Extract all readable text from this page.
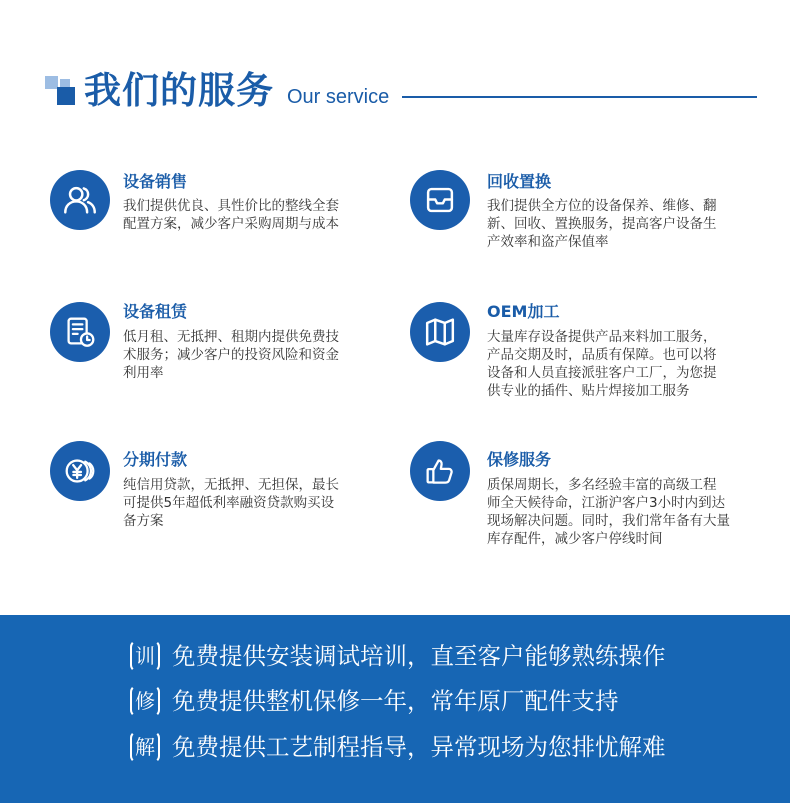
我们的服务 Our service
设备销售
我们提供优良、具性价比的整线全套
配置方案，减少客户采购周期与成本
回收置换
我们提供全方位的设备保养、维修、翻
新、回收、置换服务，提高客户设备生
产效率和盗产保值率
设备租赁
低月租、无抵押、租期内提供免费技
术服务；减少客户的投资风险和资金
利用率
OEM加工
大量库存设备提供产品来料加工服务，
产品交期及时，品质有保障。也可以将
设备和人员直接派驻客户工厂，为您提
供专业的插件、贴片焊接加工服务
分期付款
纯信用贷款，无抵押、无担保，最长
可提供5年超低利率融资贷款购买设
备方案
保修服务
质保周期长，多名经验丰富的高级工程
师全天候待命，江浙沪客户3小时内到达
现场解决问题。同时，我们常年备有大量
库存配件，减少客户停线时间
训 免费提供安装调试培训，直至客户能够熟练操作
修 免费提供整机保修一年，常年原厂配件支持
解 免费提供工艺制程指导，异常现场为您排忧解难
